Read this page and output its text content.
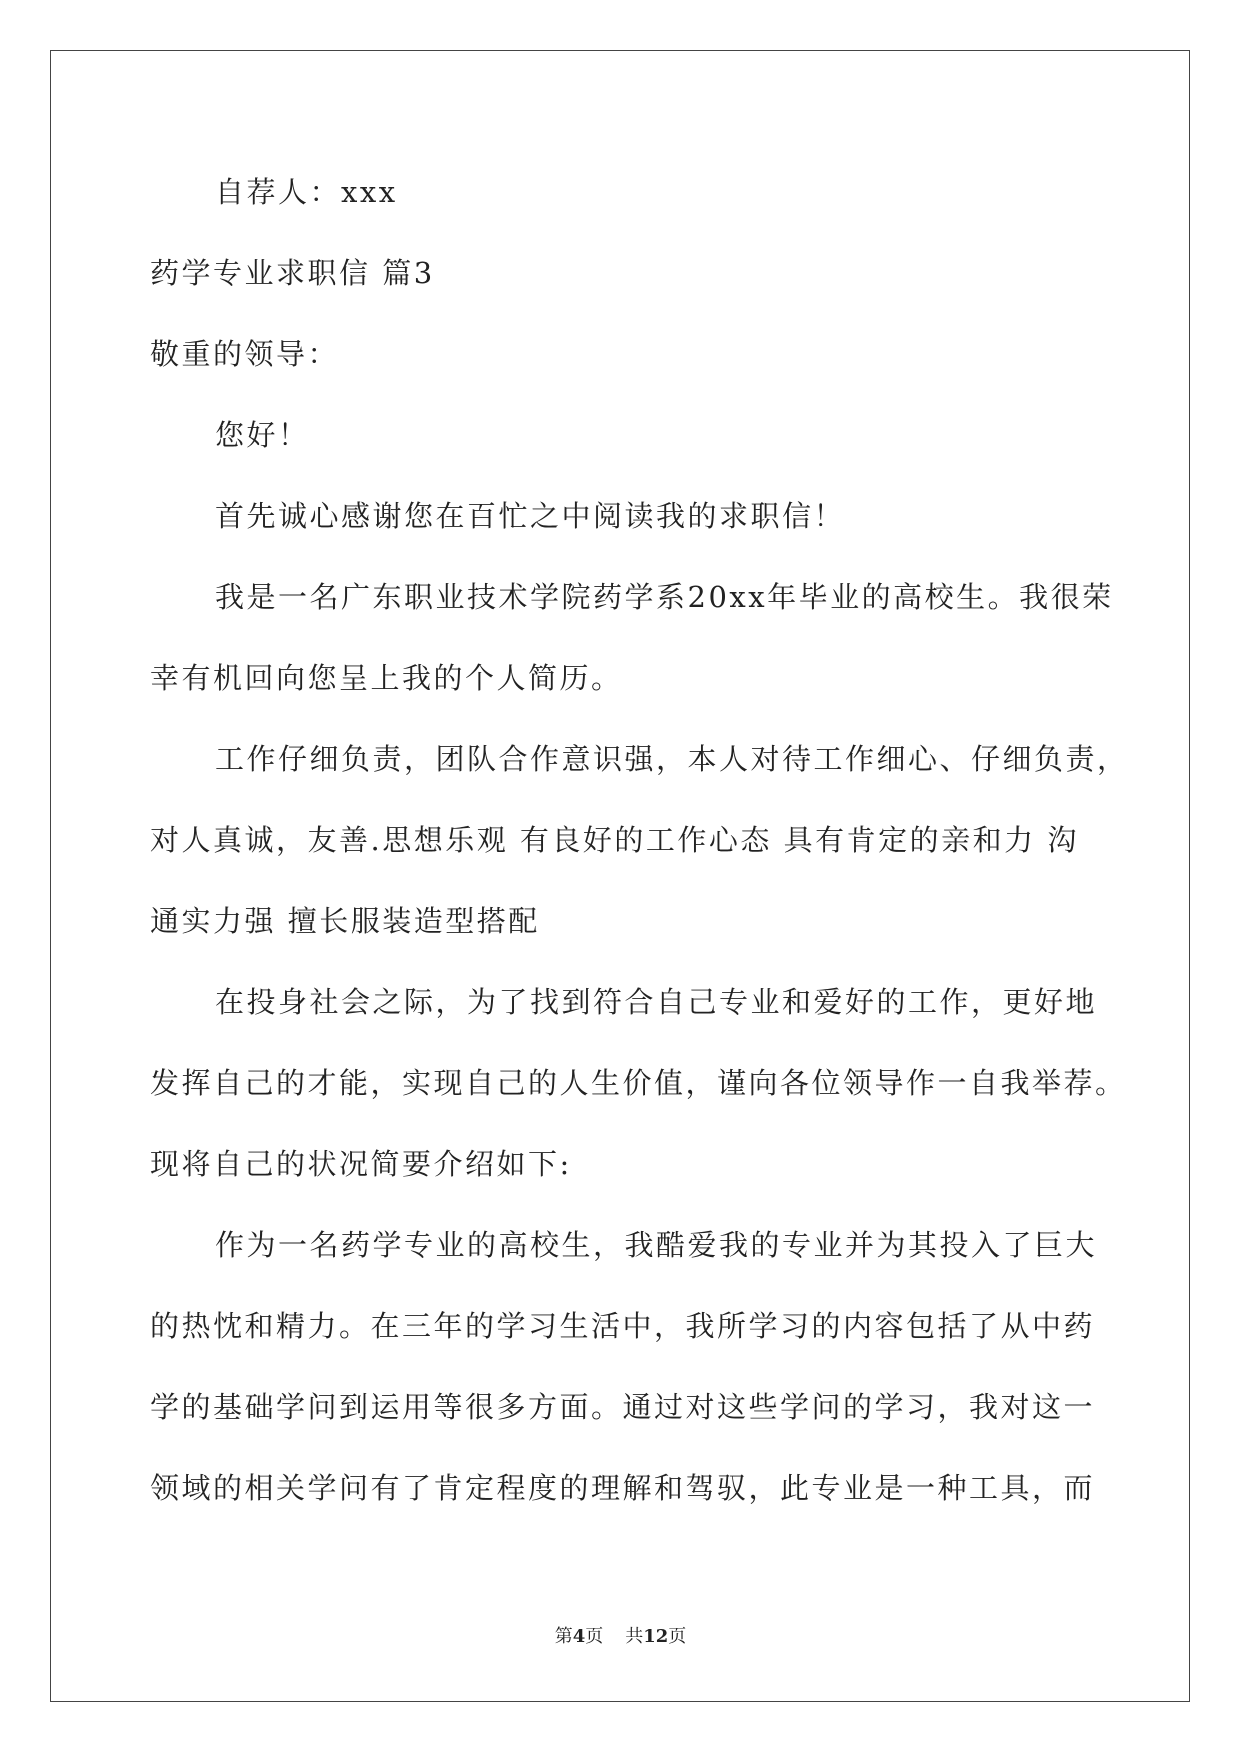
自荐人：xxx

药学专业求职信 篇3

敬重的领导：

您好！

首先诚心感谢您在百忙之中阅读我的求职信！

我是一名广东职业技术学院药学系20xx年毕业的高校生。我很荣

幸有机回向您呈上我的个人简历。

工作仔细负责，团队合作意识强，本人对待工作细心、仔细负责，

对人真诚，友善.思想乐观 有良好的工作心态 具有肯定的亲和力 沟

通实力强 擅长服装造型搭配

在投身社会之际，为了找到符合自己专业和爱好的工作，更好地

发挥自己的才能，实现自己的人生价值，谨向各位领导作一自我举荐。

现将自己的状况简要介绍如下:

作为一名药学专业的高校生，我酷爱我的专业并为其投入了巨大

的热忱和精力。在三年的学习生活中，我所学习的内容包括了从中药

学的基础学问到运用等很多方面。通过对这些学问的学习，我对这一

领域的相关学问有了肯定程度的理解和驾驭，此专业是一种工具，而

第4页 共12页
